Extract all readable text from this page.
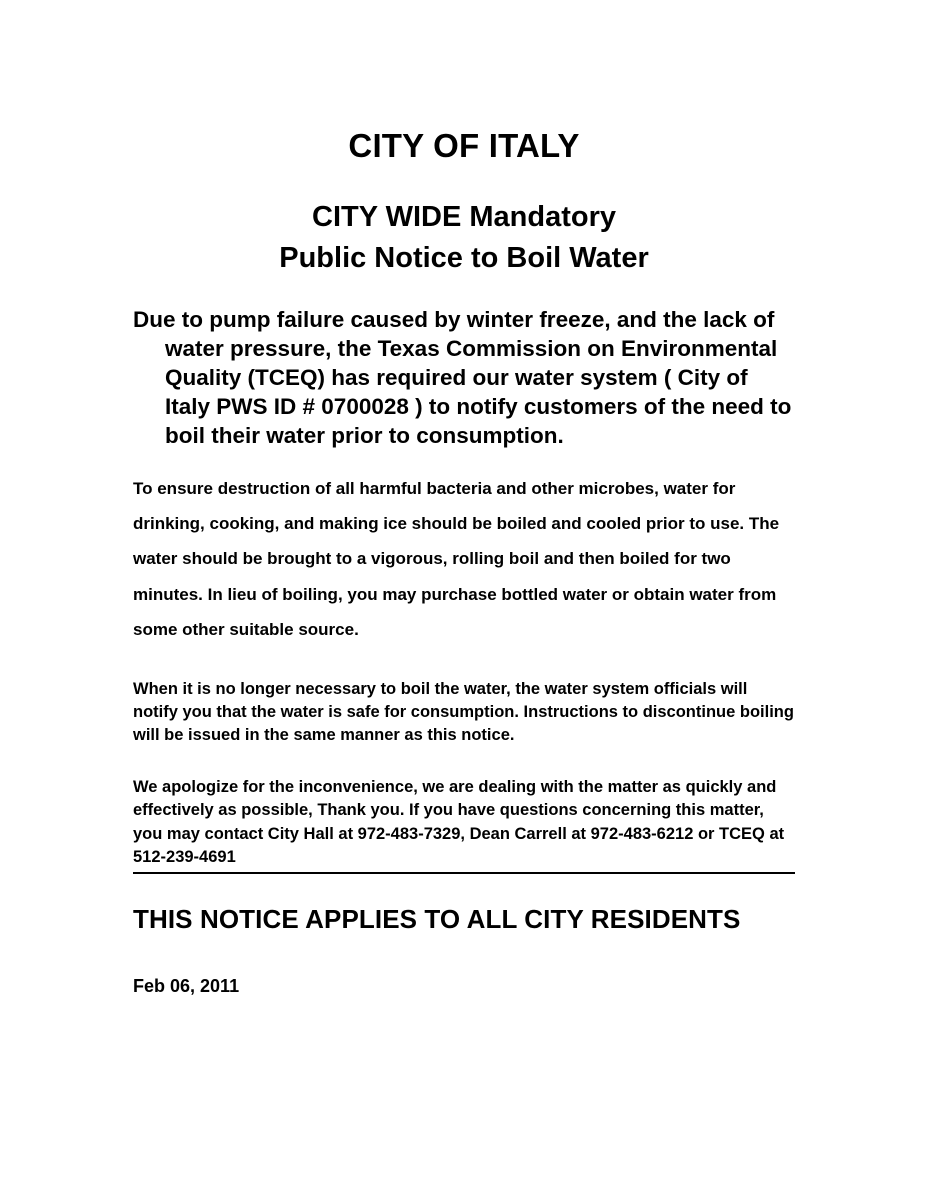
CITY OF ITALY
CITY WIDE Mandatory
Public Notice to Boil Water

Due to pump failure caused by winter freeze, and the lack of water pressure, the Texas Commission on Environmental Quality (TCEQ) has required our water system ( City of Italy PWS ID # 0700028 ) to notify customers of the need to boil their water prior to consumption.

To ensure destruction of all harmful bacteria and other microbes, water for drinking, cooking, and making ice should be boiled and cooled prior to use. The water should be brought to a vigorous, rolling boil and then boiled for two minutes. In lieu of boiling, you may purchase bottled water or obtain water from some other suitable source.

When it is no longer necessary to boil the water, the water system officials will notify you that the water is safe for consumption. Instructions to discontinue boiling will be issued in the same manner as this notice.

We apologize for the inconvenience, we are dealing with the matter as quickly and effectively as possible, Thank you. If you have questions concerning this matter, you may contact City Hall at 972-483-7329, Dean Carrell at 972-483-6212 or TCEQ at 512-239-4691

THIS NOTICE APPLIES TO ALL CITY RESIDENTS

Feb 06, 2011
